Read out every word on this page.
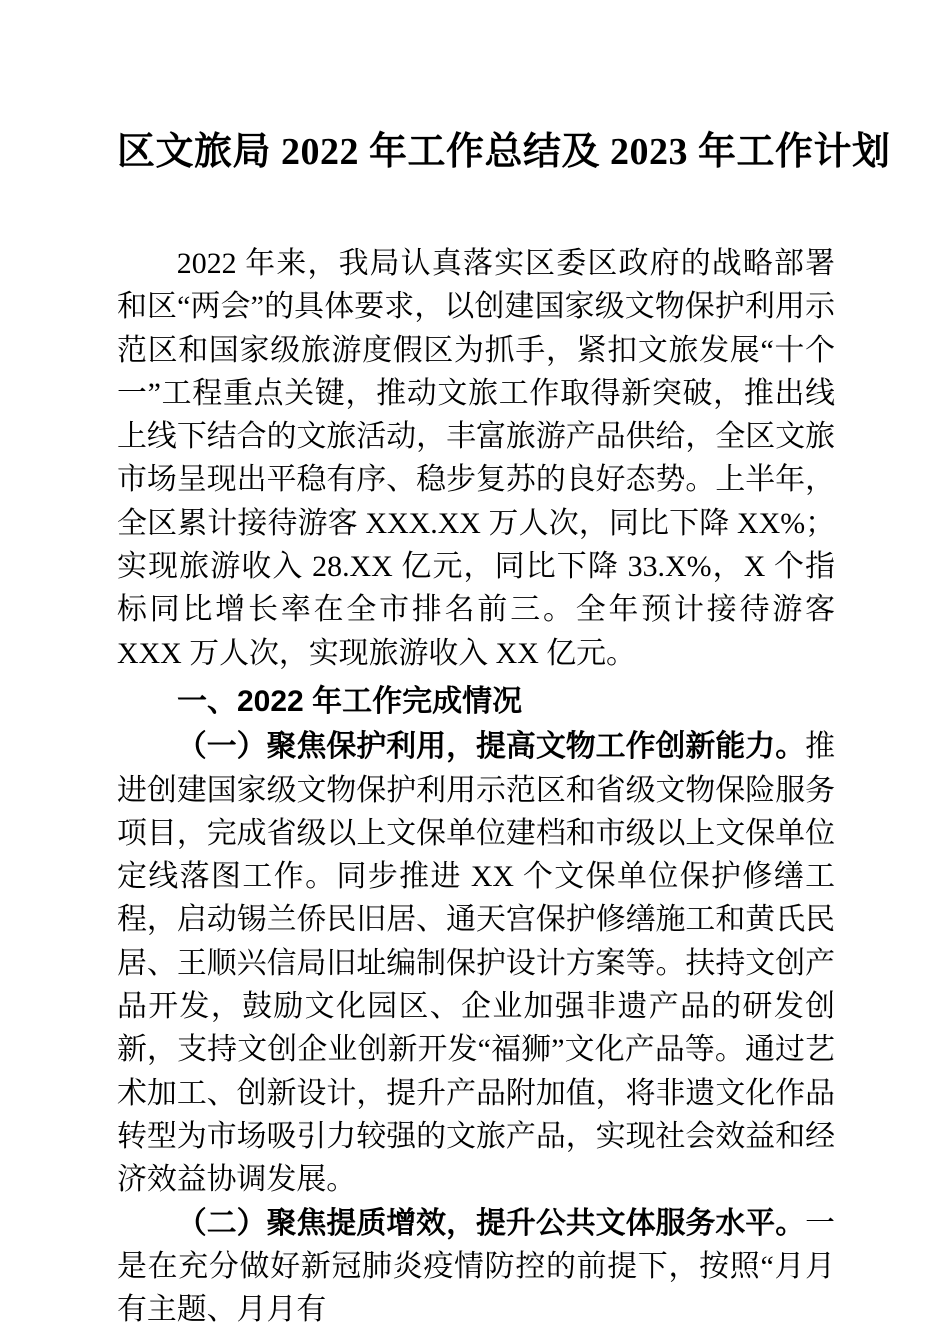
区文旅局 2022 年工作总结及 2023 年工作计划

2022 年来，我局认真落实区委区政府的战略部署和区“两会”的具体要求，以创建国家级文物保护利用示范区和国家级旅游度假区为抓手，紧扣文旅发展“十个一”工程重点关键，推动文旅工作取得新突破，推出线上线下结合的文旅活动，丰富旅游产品供给，全区文旅市场呈现出平稳有序、稳步复苏的良好态势。上半年，全区累计接待游客 XXX.XX 万人次，同比下降 XX%；实现旅游收入 28.XX 亿元，同比下降 33.X%，X 个指标同比增长率在全市排名前三。全年预计接待游客 XXX 万人次，实现旅游收入 XX 亿元。

一、2022 年工作完成情况

（一）聚焦保护利用，提高文物工作创新能力。推进创建国家级文物保护利用示范区和省级文物保险服务项目，完成省级以上文保单位建档和市级以上文保单位定线落图工作。同步推进 XX 个文保单位保护修缮工程，启动锡兰侨民旧居、通天宫保护修缮施工和黄氏民居、王顺兴信局旧址编制保护设计方案等。扶持文创产品开发，鼓励文化园区、企业加强非遗产品的研发创新，支持文创企业创新开发“福狮”文化产品等。通过艺术加工、创新设计，提升产品附加值，将非遗文化作品转型为市场吸引力较强的文旅产品，实现社会效益和经济效益协调发展。

（二）聚焦提质增效，提升公共文体服务水平。一是在充分做好新冠肺炎疫情防控的前提下，按照“月月有主题、月月有
